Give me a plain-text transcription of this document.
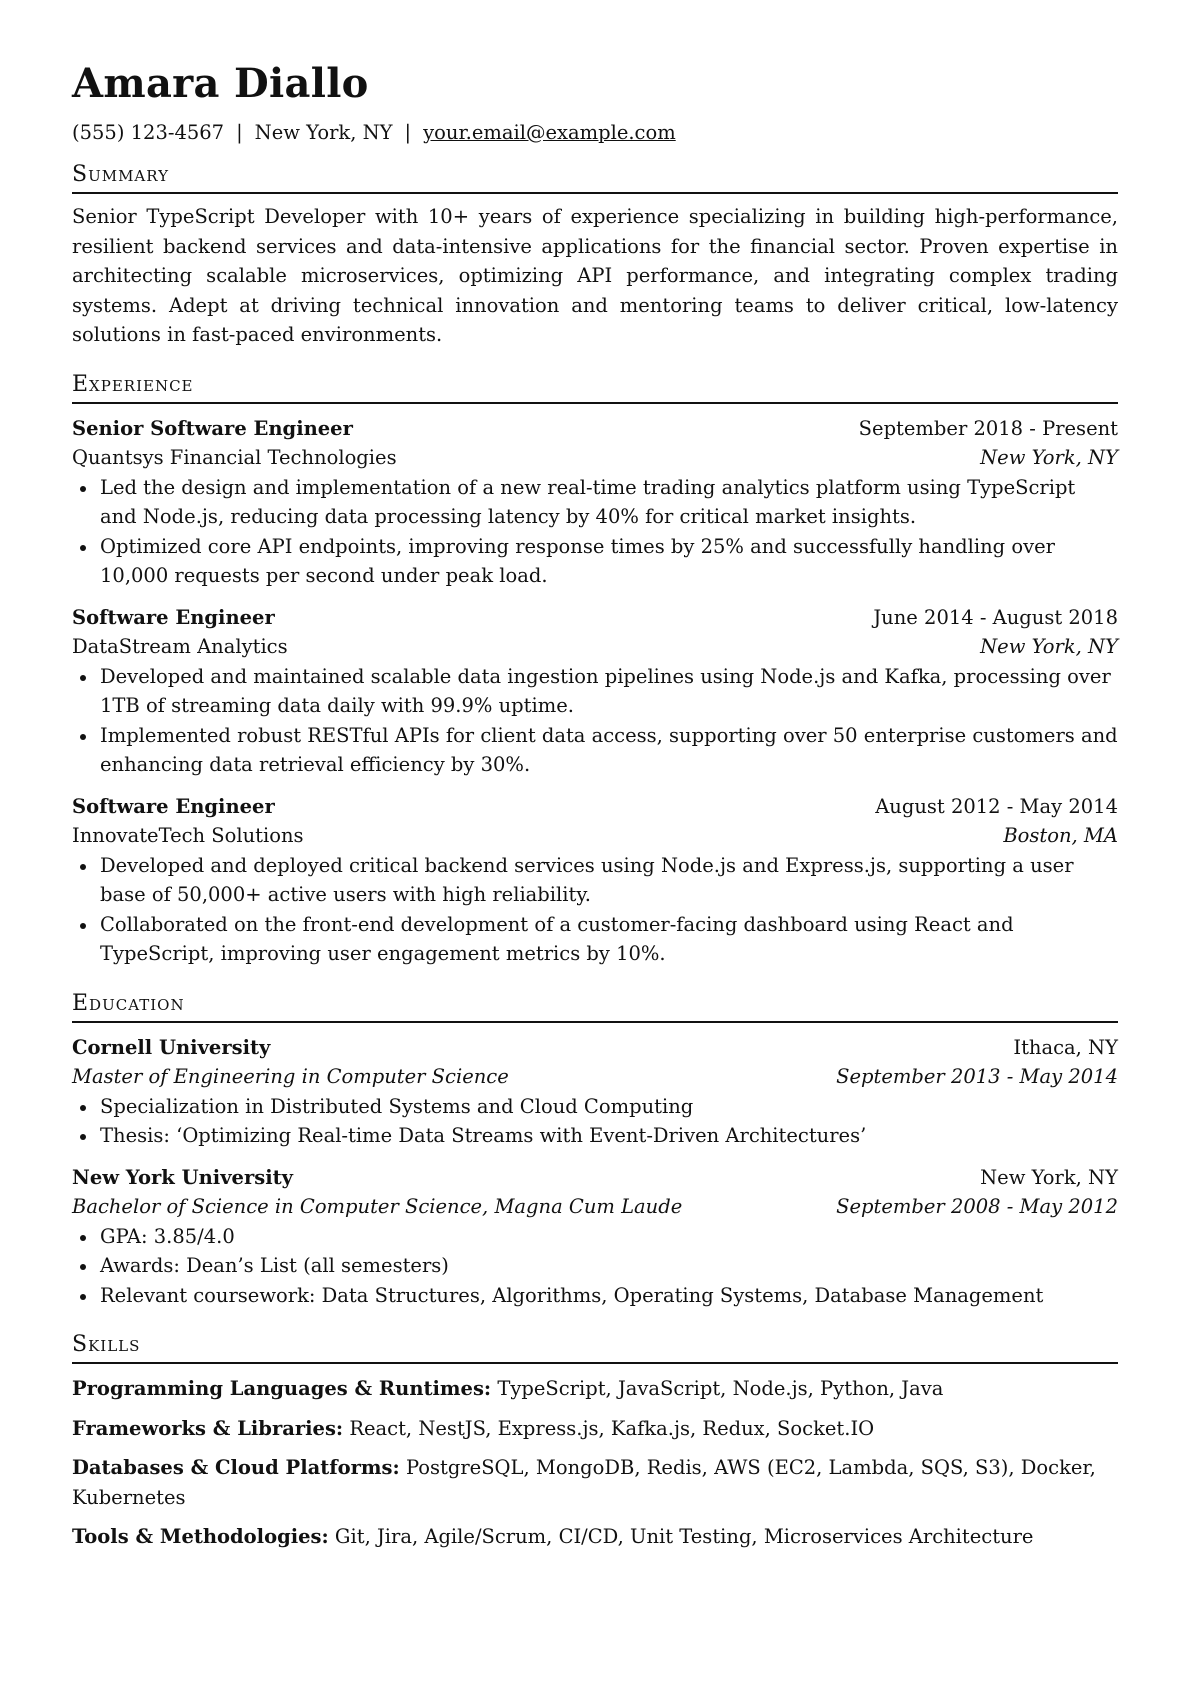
Amara Diallo
(555) 123-4567 | New York, NY | your.email@example.com
Summary
Senior TypeScript Developer with 10+ years of experience specializing in building high-performance, resilient backend services and data-intensive applications for the financial sector. Proven expertise in architecting scalable microservices, optimizing API performance, and integrating complex trading systems. Adept at driving technical innovation and mentoring teams to deliver critical, low-latency solutions in fast-paced environments.
Experience
Senior Software Engineer	September 2018 - Present
Quantsys Financial Technologies	New York, NY
Led the design and implementation of a new real-time trading analytics platform using TypeScript and Node.js, reducing data processing latency by 40% for critical market insights.
Optimized core API endpoints, improving response times by 25% and successfully handling over 10,000 requests per second under peak load.
Software Engineer	June 2014 - August 2018
DataStream Analytics	New York, NY
Developed and maintained scalable data ingestion pipelines using Node.js and Kafka, processing over 1TB of streaming data daily with 99.9% uptime.
Implemented robust RESTful APIs for client data access, supporting over 50 enterprise customers and enhancing data retrieval efficiency by 30%.
Software Engineer	August 2012 - May 2014
InnovateTech Solutions	Boston, MA
Developed and deployed critical backend services using Node.js and Express.js, supporting a user base of 50,000+ active users with high reliability.
Collaborated on the front-end development of a customer-facing dashboard using React and TypeScript, improving user engagement metrics by 10%.
Education
Cornell University	Ithaca, NY
Master of Engineering in Computer Science	September 2013 - May 2014
Specialization in Distributed Systems and Cloud Computing
Thesis: ‘Optimizing Real-time Data Streams with Event-Driven Architectures’
New York University	New York, NY
Bachelor of Science in Computer Science, Magna Cum Laude	September 2008 - May 2012
GPA: 3.85/4.0
Awards: Dean’s List (all semesters)
Relevant coursework: Data Structures, Algorithms, Operating Systems, Database Management
Skills
Programming Languages & Runtimes: TypeScript, JavaScript, Node.js, Python, Java
Frameworks & Libraries: React, NestJS, Express.js, Kafka.js, Redux, Socket.IO
Databases & Cloud Platforms: PostgreSQL, MongoDB, Redis, AWS (EC2, Lambda, SQS, S3), Docker, Kubernetes
Tools & Methodologies: Git, Jira, Agile/Scrum, CI/CD, Unit Testing, Microservices Architecture
